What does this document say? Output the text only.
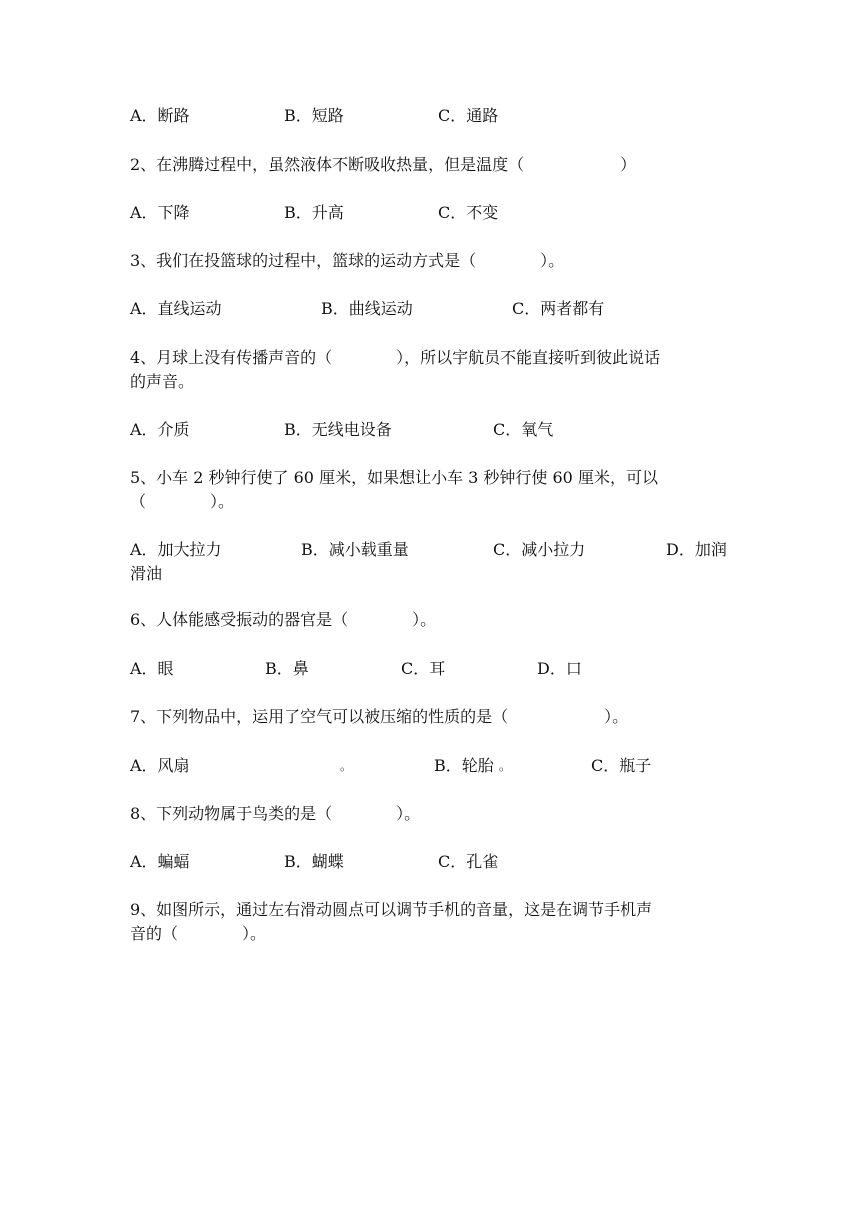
A．断路	B．短路	C．通路
2、在沸腾过程中，虽然液体不断吸收热量，但是温度（　　　　　　）
A．下降	B．升高	C．不变
3、我们在投篮球的过程中，篮球的运动方式是（　　　　）。
A．直线运动	B．曲线运动	C．两者都有
4、月球上没有传播声音的（　　　　），所以宇航员不能直接听到彼此说话
的声音。
A．介质	B．无线电设备	C．氧气
5、小车 2 秒钟行使了 60 厘米，如果想让小车 3 秒钟行使 60 厘米，可以
（　　　　）。
A．加大拉力	B．减小载重量	C．减小拉力	D．加润
滑油
6、人体能感受振动的器官是（　　　　）。
A．眼	B．鼻	C．耳	D．口
7、下列物品中，运用了空气可以被压缩的性质的是（　　　　　　）。
A．风扇	。	B．轮胎 。	C．瓶子
8、下列动物属于鸟类的是（　　　　）。
A．蝙蝠	B．蝴蝶	C．孔雀
9、如图所示，通过左右滑动圆点可以调节手机的音量，这是在调节手机声
音的（　　　　）。
